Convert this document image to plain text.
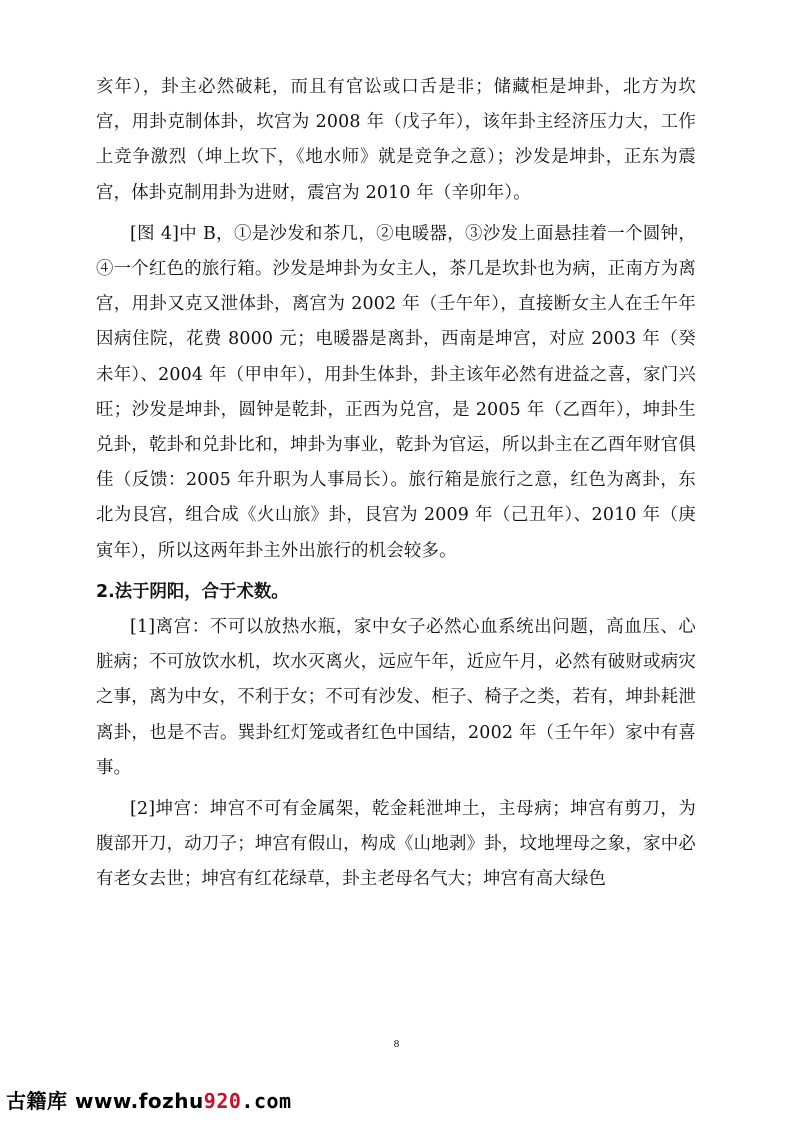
亥年），卦主必然破耗，而且有官讼或口舌是非；储藏柜是坤卦，北方为坎宫，用卦克制体卦，坎宫为 2008 年（戊子年），该年卦主经济压力大，工作上竞争激烈（坤上坎下，《地水师》就是竞争之意）；沙发是坤卦，正东为震宫，体卦克制用卦为进财，震宫为 2010 年（辛卯年）。

[图 4]中 B，①是沙发和茶几，②电暖器，③沙发上面悬挂着一个圆钟，④一个红色的旅行箱。沙发是坤卦为女主人，茶几是坎卦也为病，正南方为离宫，用卦又克又泄体卦，离宫为 2002 年（壬午年），直接断女主人在壬午年因病住院，花费 8000 元；电暖器是离卦，西南是坤宫，对应 2003 年（癸未年）、2004 年（甲申年），用卦生体卦，卦主该年必然有进益之喜，家门兴旺；沙发是坤卦，圆钟是乾卦，正西为兑宫，是 2005 年（乙酉年），坤卦生兑卦，乾卦和兑卦比和，坤卦为事业，乾卦为官运，所以卦主在乙酉年财官俱佳（反馈：2005 年升职为人事局长）。旅行箱是旅行之意，红色为离卦，东北为艮宫，组合成《火山旅》卦，艮宫为 2009 年（己丑年）、2010 年（庚寅年），所以这两年卦主外出旅行的机会较多。

2.法于阴阳，合于术数。

[1]离宫：不可以放热水瓶，家中女子必然心血系统出问题，高血压、心脏病；不可放饮水机，坎水灭离火，远应午年，近应午月，必然有破财或病灾之事，离为中女，不利于女；不可有沙发、柜子、椅子之类，若有，坤卦耗泄离卦，也是不吉。巽卦红灯笼或者红色中国结，2002 年（壬午年）家中有喜事。

[2]坤宫：坤宫不可有金属架，乾金耗泄坤土，主母病；坤宫有剪刀，为腹部开刀，动刀子；坤宫有假山，构成《山地剥》卦，坟地埋母之象，家中必有老女去世；坤宫有红花绿草，卦主老母名气大；坤宫有高大绿色

8
古籍库 www.fozhu920.com
